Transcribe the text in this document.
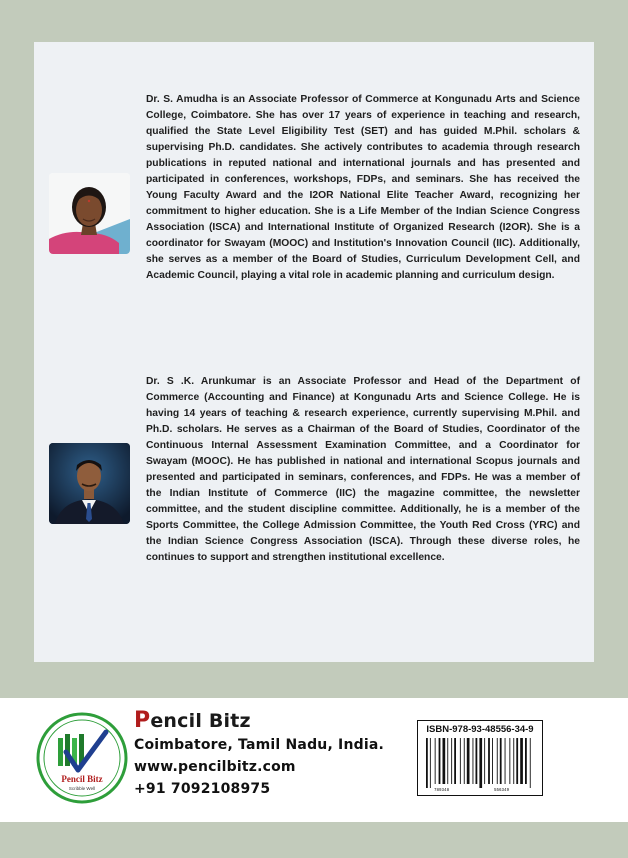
Dr. S. Amudha is an Associate Professor of Commerce at Kongunadu Arts and Science College, Coimbatore. She has over 17 years of experience in teaching and research, qualified the State Level Eligibility Test (SET) and has guided M.Phil. scholars & supervising Ph.D. candidates. She actively contributes to academia through research publications in reputed national and international journals and has presented and participated in conferences, workshops, FDPs, and seminars. She has received the Young Faculty Award and the I2OR National Elite Teacher Award, recognizing her commitment to higher education. She is a Life Member of the Indian Science Congress Association (ISCA) and International Institute of Organized Research (I2OR). She is a coordinator for Swayam (MOOC) and Institution's Innovation Council (IIC). Additionally, she serves as a member of the Board of Studies, Curriculum Development Cell, and Academic Council, playing a vital role in academic planning and curriculum design.

Dr. S .K. Arunkumar is an Associate Professor and Head of the Department of Commerce (Accounting and Finance) at Kongunadu Arts and Science College. He is having 14 years of teaching & research experience, currently supervising M.Phil. and Ph.D. scholars. He serves as a Chairman of the Board of Studies, Coordinator of the Continuous Internal Assessment Examination Committee, and a Coordinator for Swayam (MOOC). He has published in national and international Scopus journals and presented and participated in seminars, conferences, and FDPs. He was a member of the Indian Institute of Commerce (IIC) the magazine committee, the newsletter committee, and the student discipline committee. Additionally, he is a member of the Sports Committee, the College Admission Committee, the Youth Red Cross (YRC) and the Indian Science Congress Association (ISCA). Through these diverse roles, he continues to support and strengthen institutional excellence.

Pencil Bitz
Scribble Well

Pencil Bitz

Coimbatore, Tamil Nadu, India.

www.pencilbitz.com

+91 7092108975

ISBN-978-93-48556-34-9
789348	556349
